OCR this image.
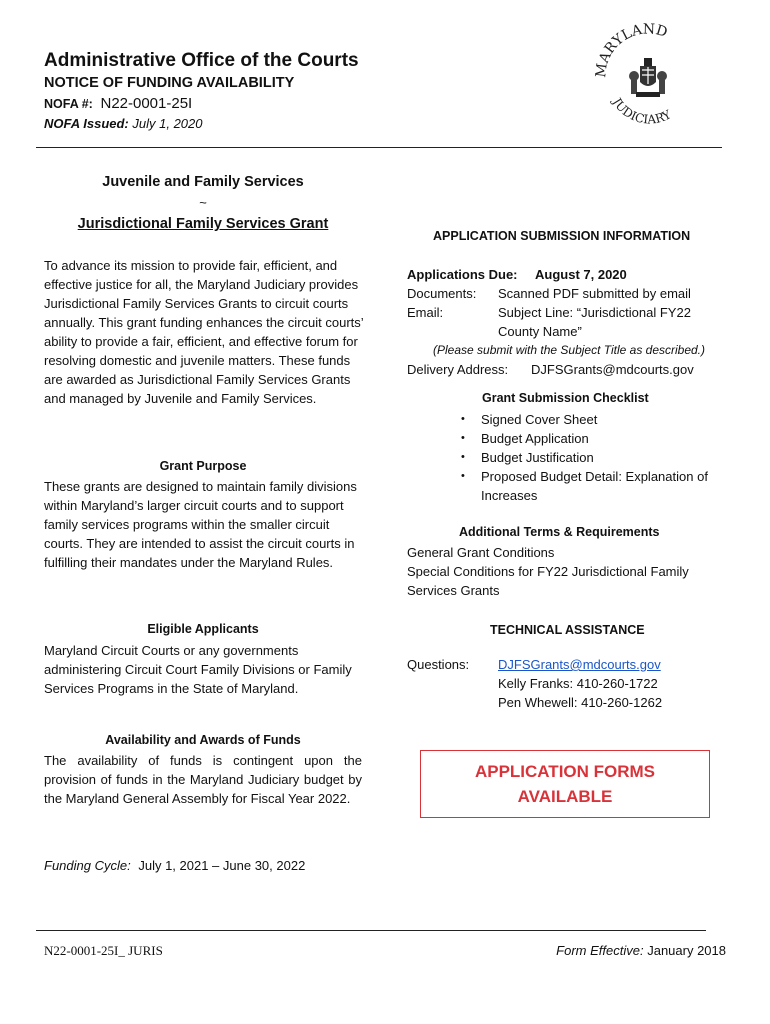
Administrative Office of the Courts
NOTICE OF FUNDING AVAILABILITY
NOFA #: N22-0001-25I
NOFA Issued: July 1, 2020
MARYLAND
JUDICIARY
Juvenile and Family Services
~
Jurisdictional Family Services Grant
To advance its mission to provide fair, efficient, and effective justice for all, the Maryland Judiciary provides Jurisdictional Family Services Grants to circuit courts annually. This grant funding enhances the circuit courts’ ability to provide a fair, efficient, and effective forum for resolving domestic and juvenile matters. These funds are awarded as Jurisdictional Family Services Grants and managed by Juvenile and Family Services.
Grant Purpose
These grants are designed to maintain family divisions within Maryland’s larger circuit courts and to support family services programs within the smaller circuit courts. They are intended to assist the circuit courts in fulfilling their mandates under the Maryland Rules.
Eligible Applicants
Maryland Circuit Courts or any governments administering Circuit Court Family Divisions or Family Services Programs in the State of Maryland.
Availability and Awards of Funds
The availability of funds is contingent upon the provision of funds in the Maryland Judiciary budget by the Maryland General Assembly for Fiscal Year 2022.
Funding Cycle: July 1, 2021 – June 30, 2022
APPLICATION SUBMISSION INFORMATION
Applications Due:	August 7, 2020
Documents:	Scanned PDF submitted by email
Email:	Subject Line: “Jurisdictional FY22 County Name”
(Please submit with the Subject Title as described.)
Delivery Address:	DJFSGrants@mdcourts.gov
Grant Submission Checklist
•	Signed Cover Sheet
•	Budget Application
•	Budget Justification
•	Proposed Budget Detail: Explanation of Increases
Additional Terms & Requirements
General Grant Conditions
Special Conditions for FY22 Jurisdictional Family Services Grants
TECHNICAL ASSISTANCE
Questions:	DJFSGrants@mdcourts.gov
Kelly Franks: 410-260-1722
Pen Whewell: 410-260-1262
APPLICATION FORMS
AVAILABLE
N22-0001-25I_ JURIS	Form Effective: January 2018
